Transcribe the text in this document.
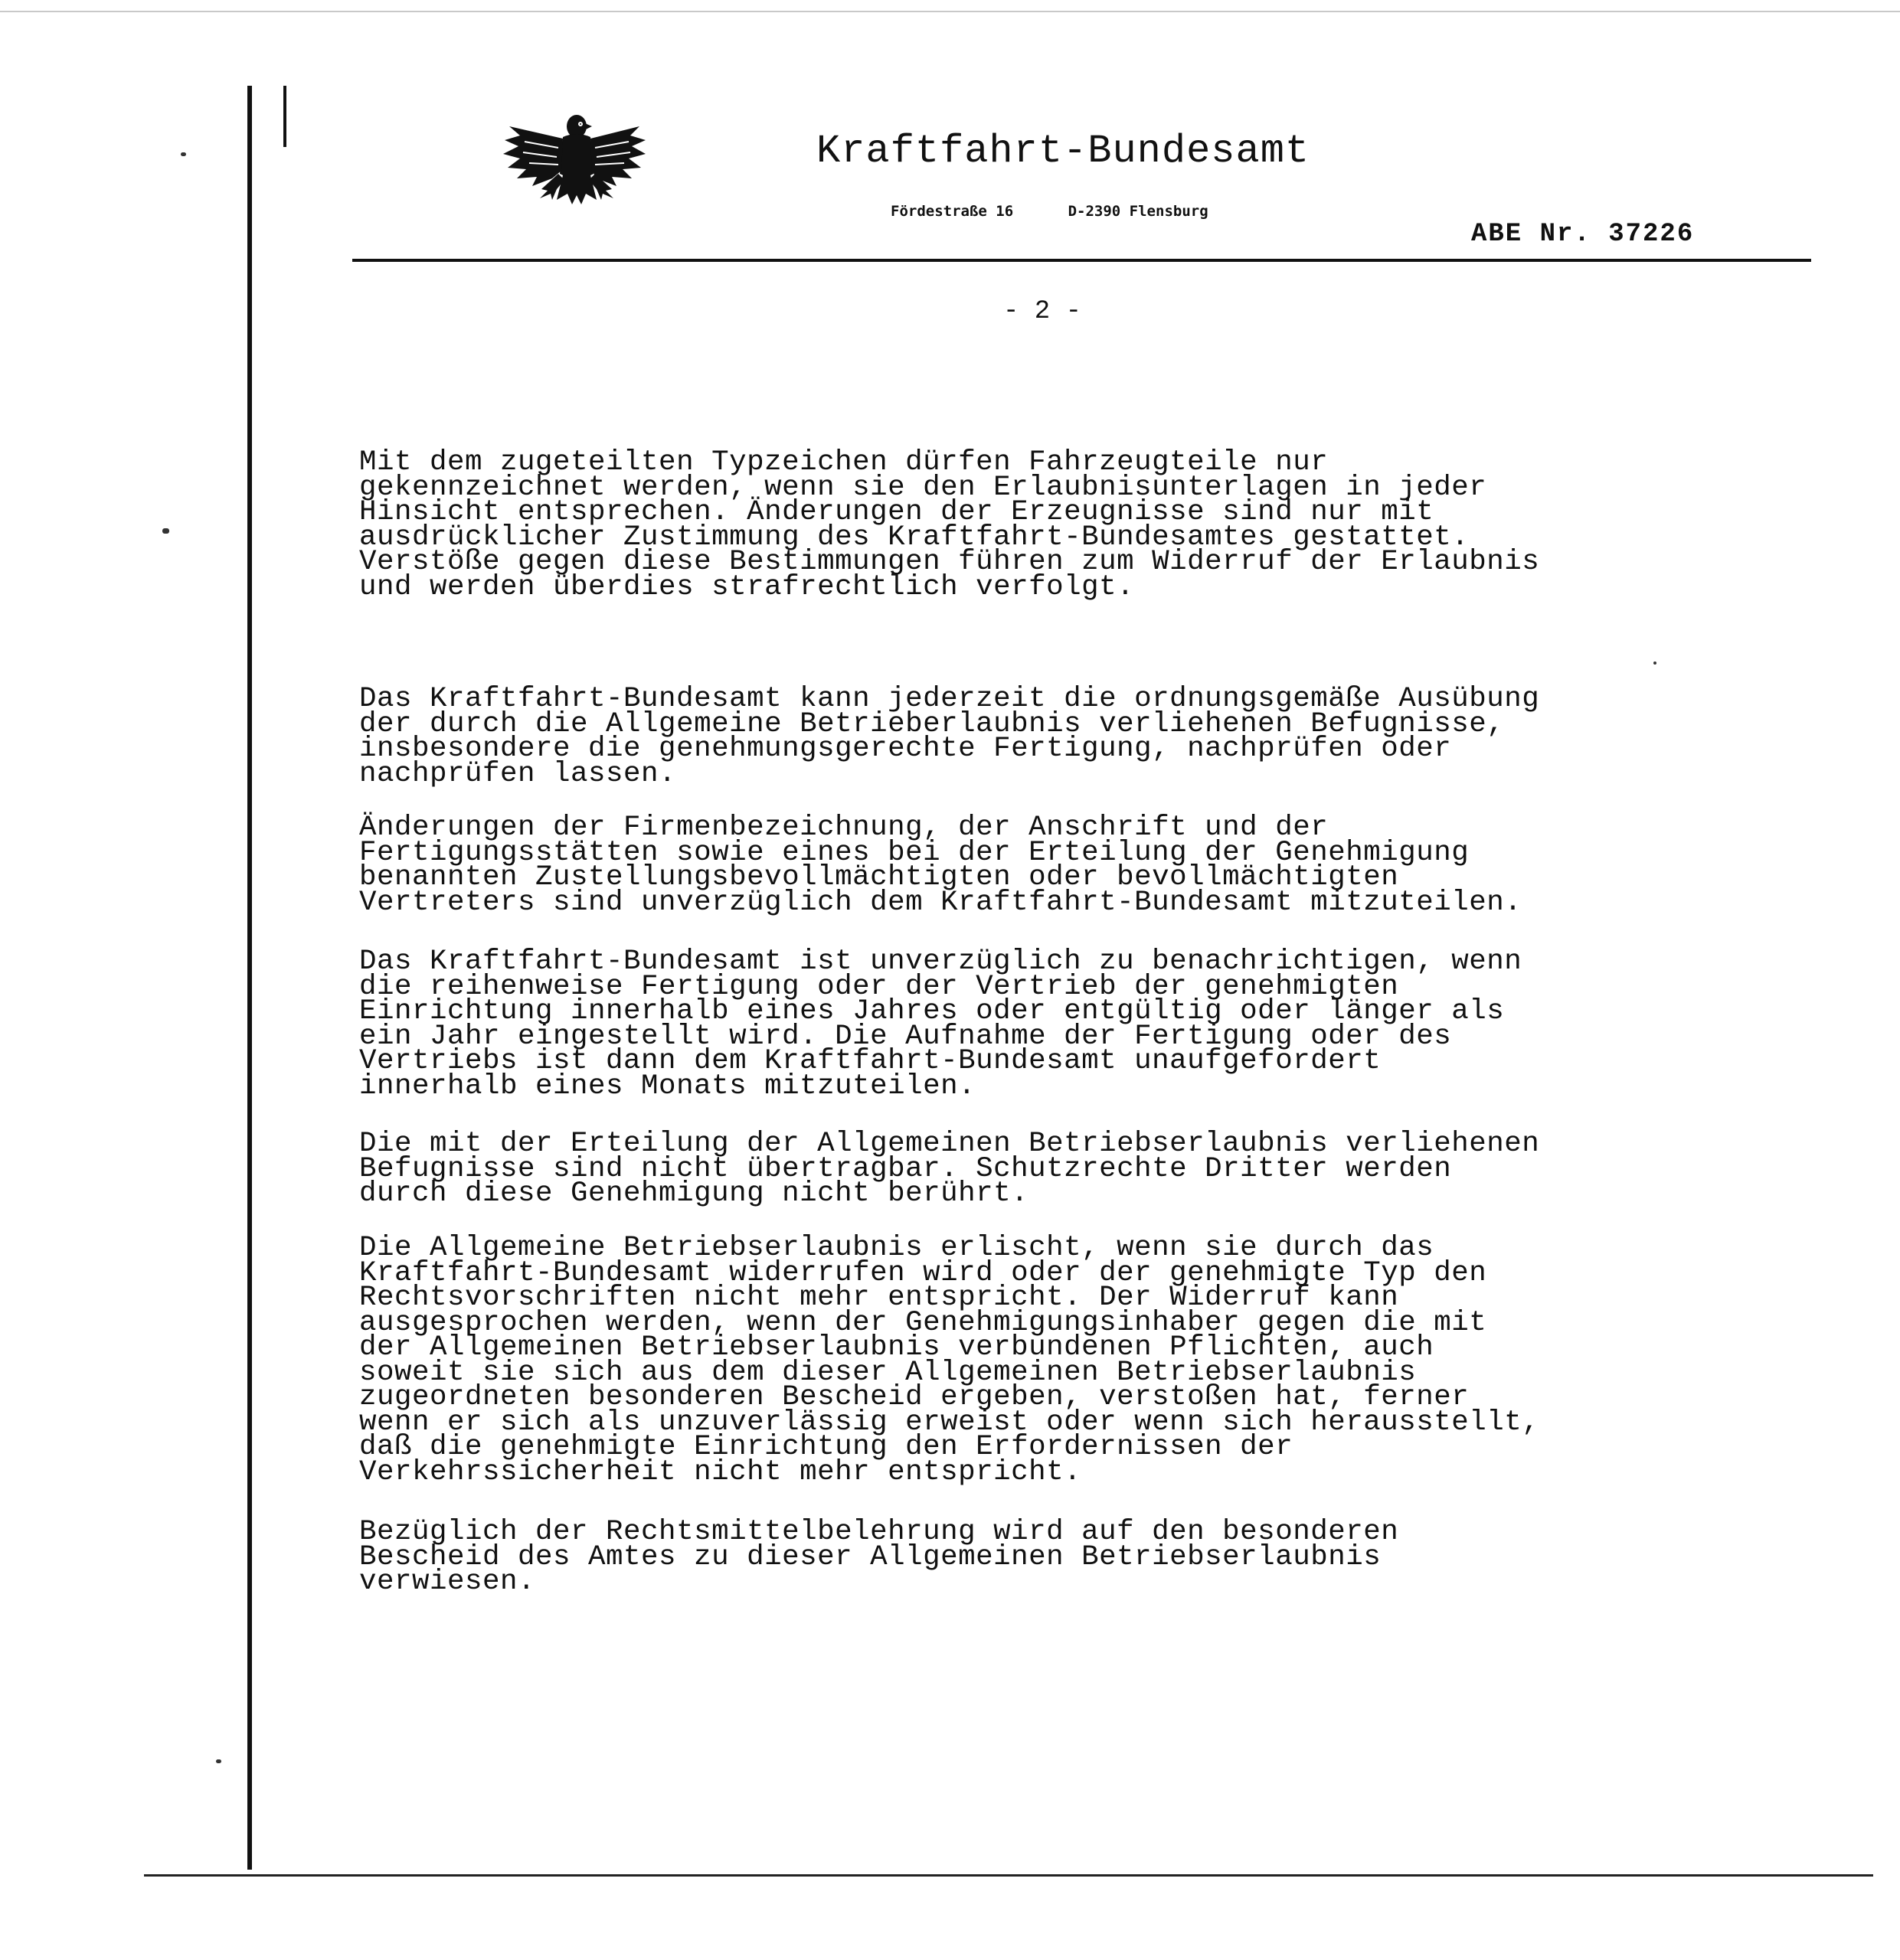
Kraftfahrt-Bundesamt
Fördestraße 16	D-2390 Flensburg
ABE Nr. 37226
- 2 -
Mit dem zugeteilten Typzeichen dürfen Fahrzeugteile nur
gekennzeichnet werden, wenn sie den Erlaubnisunterlagen in jeder
Hinsicht entsprechen. Änderungen der Erzeugnisse sind nur mit
ausdrücklicher Zustimmung des Kraftfahrt-Bundesamtes gestattet.
Verstöße gegen diese Bestimmungen führen zum Widerruf der Erlaubnis
und werden überdies strafrechtlich verfolgt.
Das Kraftfahrt-Bundesamt kann jederzeit die ordnungsgemäße Ausübung
der durch die Allgemeine Betrieberlaubnis verliehenen Befugnisse,
insbesondere die genehmungsgerechte Fertigung, nachprüfen oder
nachprüfen lassen.
Änderungen der Firmenbezeichnung, der Anschrift und der
Fertigungsstätten sowie eines bei der Erteilung der Genehmigung
benannten Zustellungsbevollmächtigten oder bevollmächtigten
Vertreters sind unverzüglich dem Kraftfahrt-Bundesamt mitzuteilen.
Das Kraftfahrt-Bundesamt ist unverzüglich zu benachrichtigen, wenn
die reihenweise Fertigung oder der Vertrieb der genehmigten
Einrichtung innerhalb eines Jahres oder entgültig oder länger als
ein Jahr eingestellt wird. Die Aufnahme der Fertigung oder des
Vertriebs ist dann dem Kraftfahrt-Bundesamt unaufgefordert
innerhalb eines Monats mitzuteilen.
Die mit der Erteilung der Allgemeinen Betriebserlaubnis verliehenen
Befugnisse sind nicht übertragbar. Schutzrechte Dritter werden
durch diese Genehmigung nicht berührt.
Die Allgemeine Betriebserlaubnis erlischt, wenn sie durch das
Kraftfahrt-Bundesamt widerrufen wird oder der genehmigte Typ den
Rechtsvorschriften nicht mehr entspricht. Der Widerruf kann
ausgesprochen werden, wenn der Genehmigungsinhaber gegen die mit
der Allgemeinen Betriebserlaubnis verbundenen Pflichten, auch
soweit sie sich aus dem dieser Allgemeinen Betriebserlaubnis
zugeordneten besonderen Bescheid ergeben, verstoßen hat, ferner
wenn er sich als unzuverlässig erweist oder wenn sich herausstellt,
daß die genehmigte Einrichtung den Erfordernissen der
Verkehrssicherheit nicht mehr entspricht.
Bezüglich der Rechtsmittelbelehrung wird auf den besonderen
Bescheid des Amtes zu dieser Allgemeinen Betriebserlaubnis
verwiesen.
